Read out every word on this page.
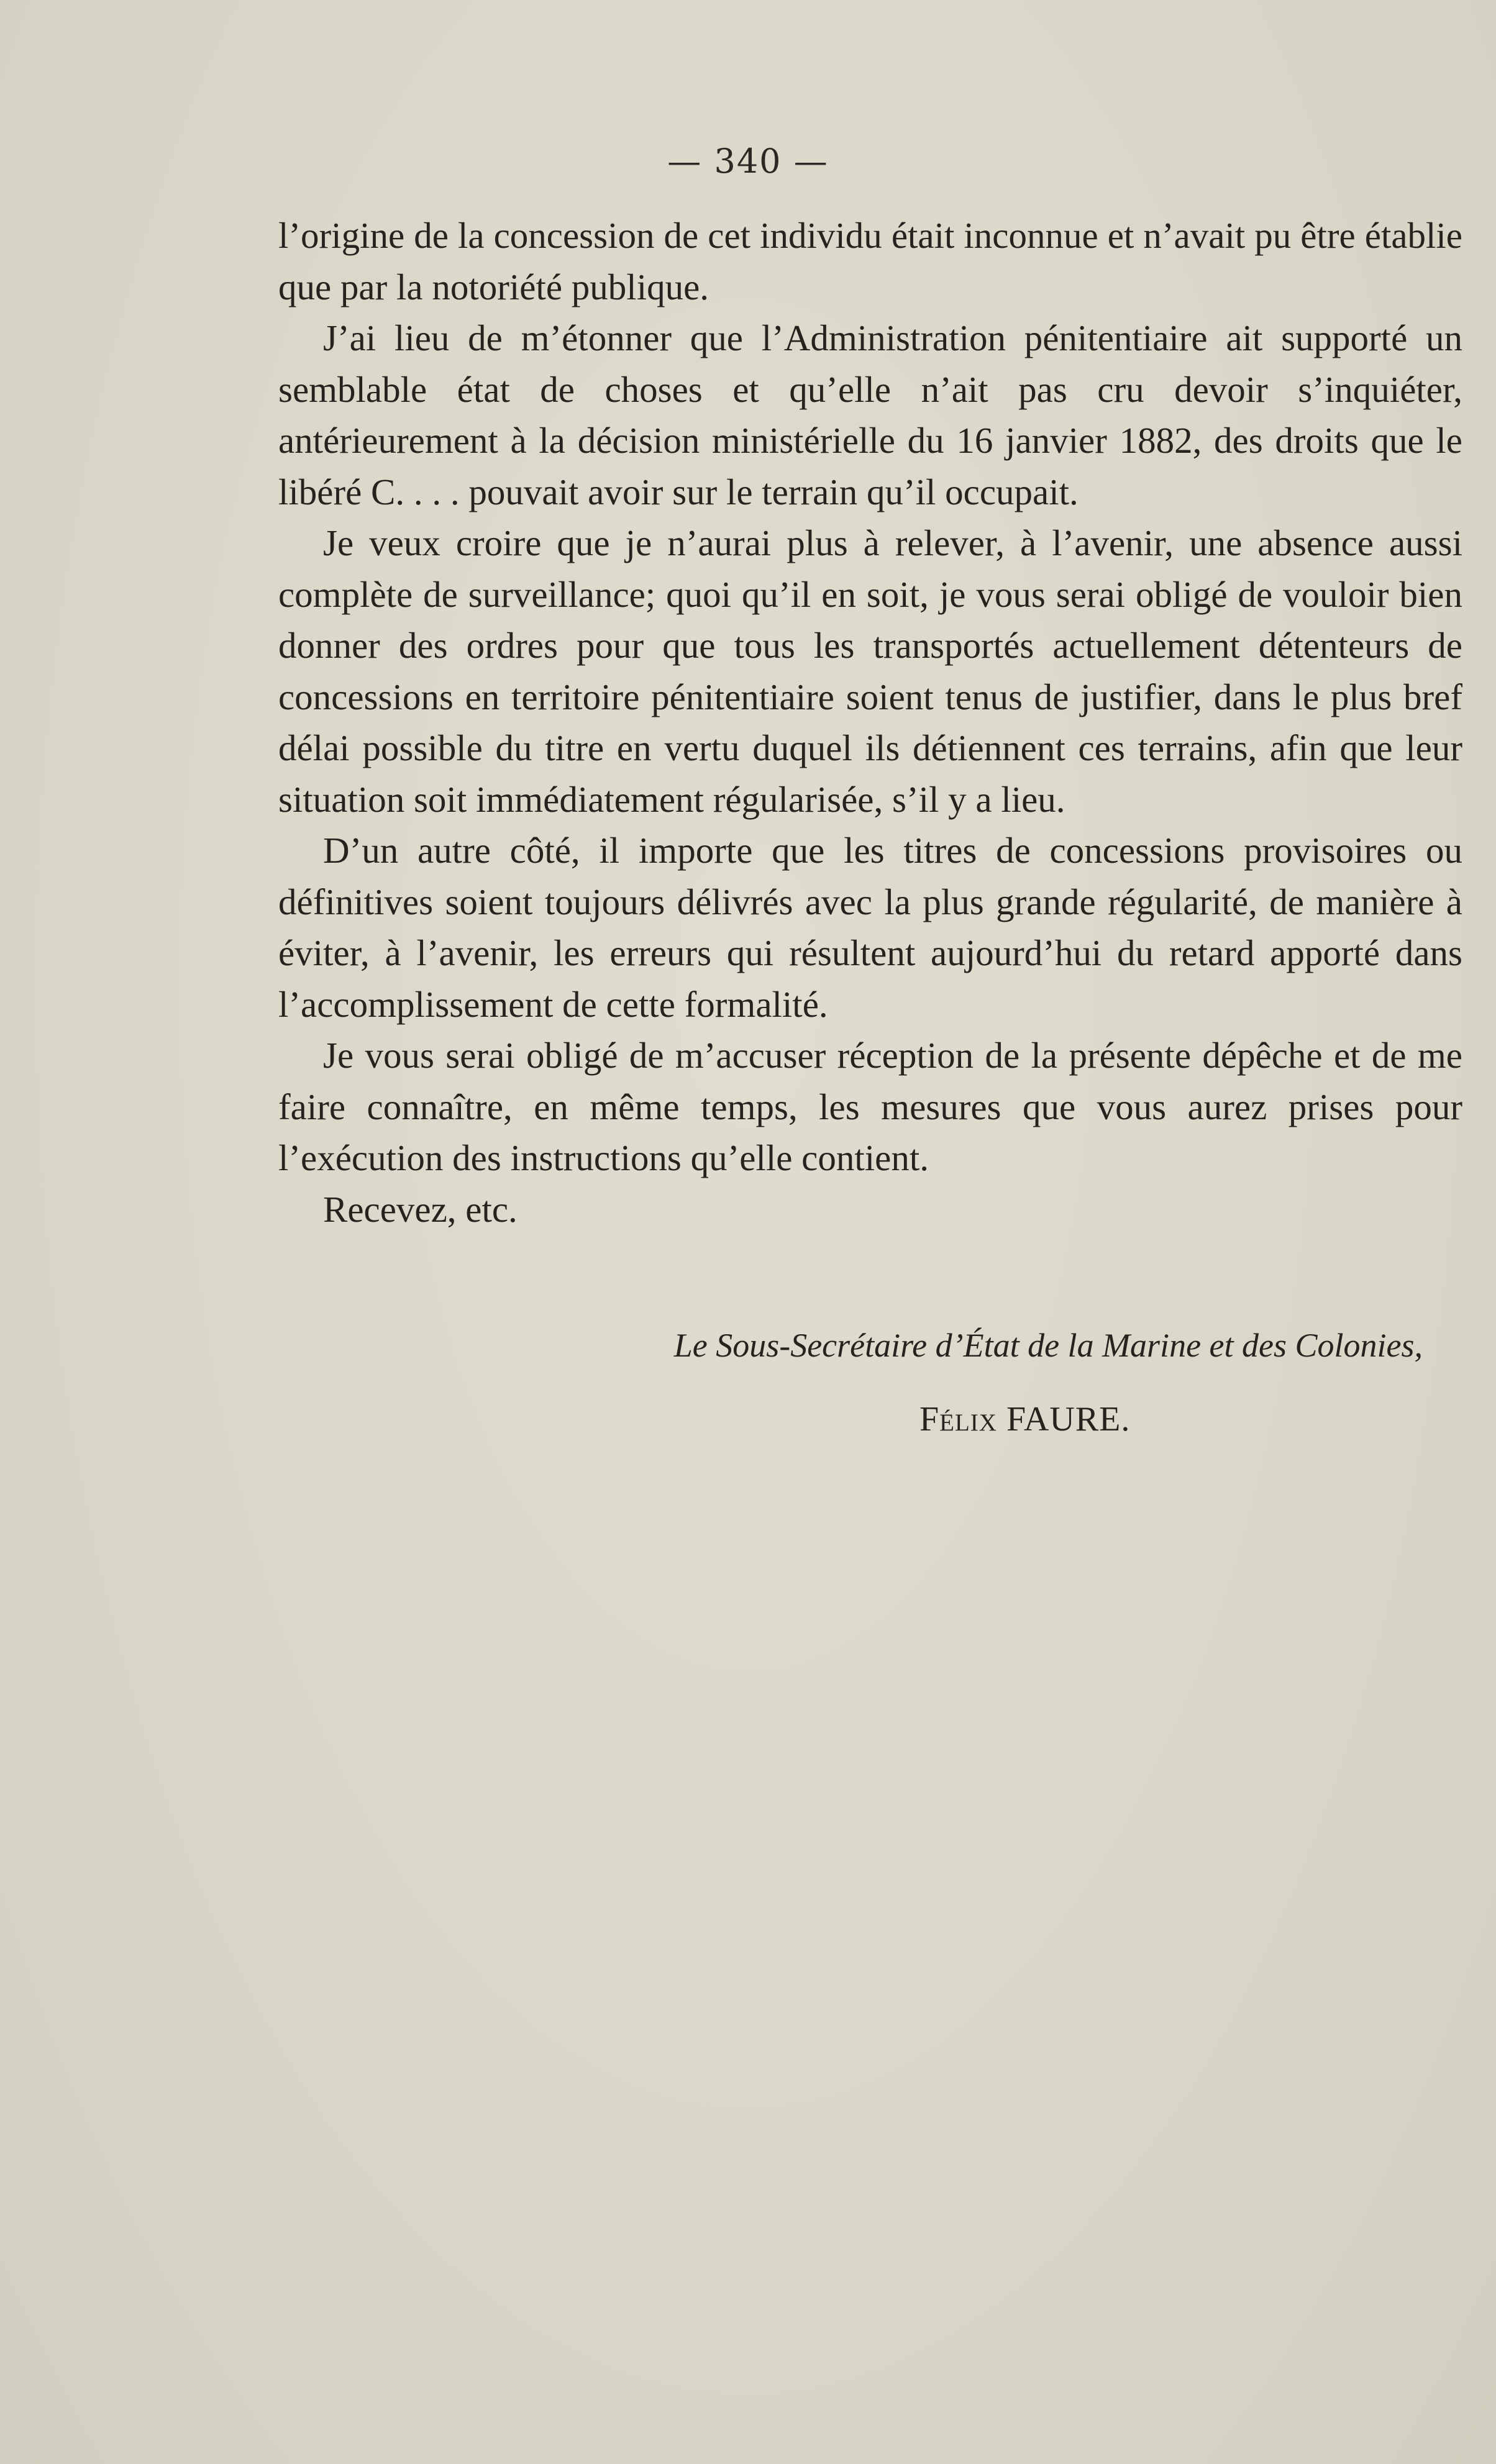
— 340 —

l’origine de la concession de cet individu était inconnue et n’avait pu être établie que par la notoriété publique.

J’ai lieu de m’étonner que l’Administration pénitentiaire ait supporté un semblable état de choses et qu’elle n’ait pas cru devoir s’inquiéter, antérieurement à la décision ministérielle du 16 janvier 1882, des droits que le libéré C. . . . pouvait avoir sur le terrain qu’il occupait.

Je veux croire que je n’aurai plus à relever, à l’avenir, une absence aussi complète de surveillance; quoi qu’il en soit, je vous serai obligé de vouloir bien donner des ordres pour que tous les transportés actuellement détenteurs de concessions en territoire pénitentiaire soient tenus de justifier, dans le plus bref délai possible du titre en vertu duquel ils détiennent ces terrains, afin que leur situation soit immédiatement régularisée, s’il y a lieu.

D’un autre côté, il importe que les titres de concessions provisoires ou définitives soient toujours délivrés avec la plus grande régularité, de manière à éviter, à l’avenir, les erreurs qui résultent aujourd’hui du retard apporté dans l’accomplissement de cette formalité.

Je vous serai obligé de m’accuser réception de la présente dépêche et de me faire connaître, en même temps, les mesures que vous aurez prises pour l’exécution des instructions qu’elle contient.

Recevez, etc.

Le Sous-Secrétaire d’État de la Marine et des Colonies,
Félix FAURE.
